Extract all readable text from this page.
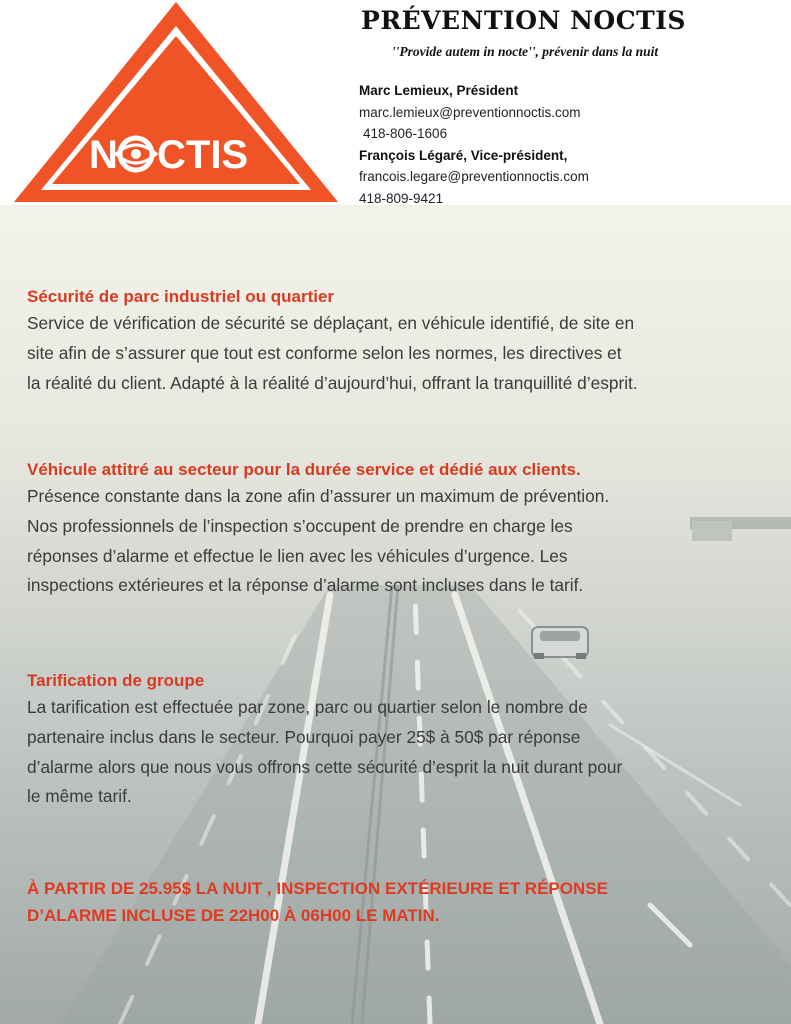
N CTIS
PRÉVENTION NOCTIS
''Provide autem in nocte'', prévenir dans la nuit
Marc Lemieux, Président
marc.lemieux@preventionnoctis.com
418-806-1606
François Légaré, Vice-président,
francois.legare@preventionnoctis.com
418-809-9421
Sécurité de parc industriel ou quartier

Service de vérification de sécurité se déplaçant, en véhicule identifié, de site en

site afin de s’assurer que tout est conforme selon les normes, les directives et

la réalité du client. Adapté à la réalité d’aujourd’hui, offrant la tranquillité d’esprit.

Véhicule attitré au secteur pour la durée service et dédié aux clients.

Présence constante dans la zone afin d’assurer un maximum de prévention.

Nos professionnels de l’inspection s’occupent de prendre en charge les

réponses d’alarme et effectue le lien avec les véhicules d’urgence. Les

inspections extérieures et la réponse d’alarme sont incluses dans le tarif.

Tarification de groupe

La tarification est effectuée par zone, parc ou quartier selon le nombre de

partenaire inclus dans le secteur. Pourquoi payer 25$ à 50$ par réponse

d’alarme alors que nous vous offrons cette sécurité d’esprit la nuit durant pour

le même tarif.

À PARTIR DE 25.95$ LA NUIT , INSPECTION EXTÉRIEURE ET RÉPONSE

D’ALARME INCLUSE DE 22H00 À 06H00 LE MATIN.
